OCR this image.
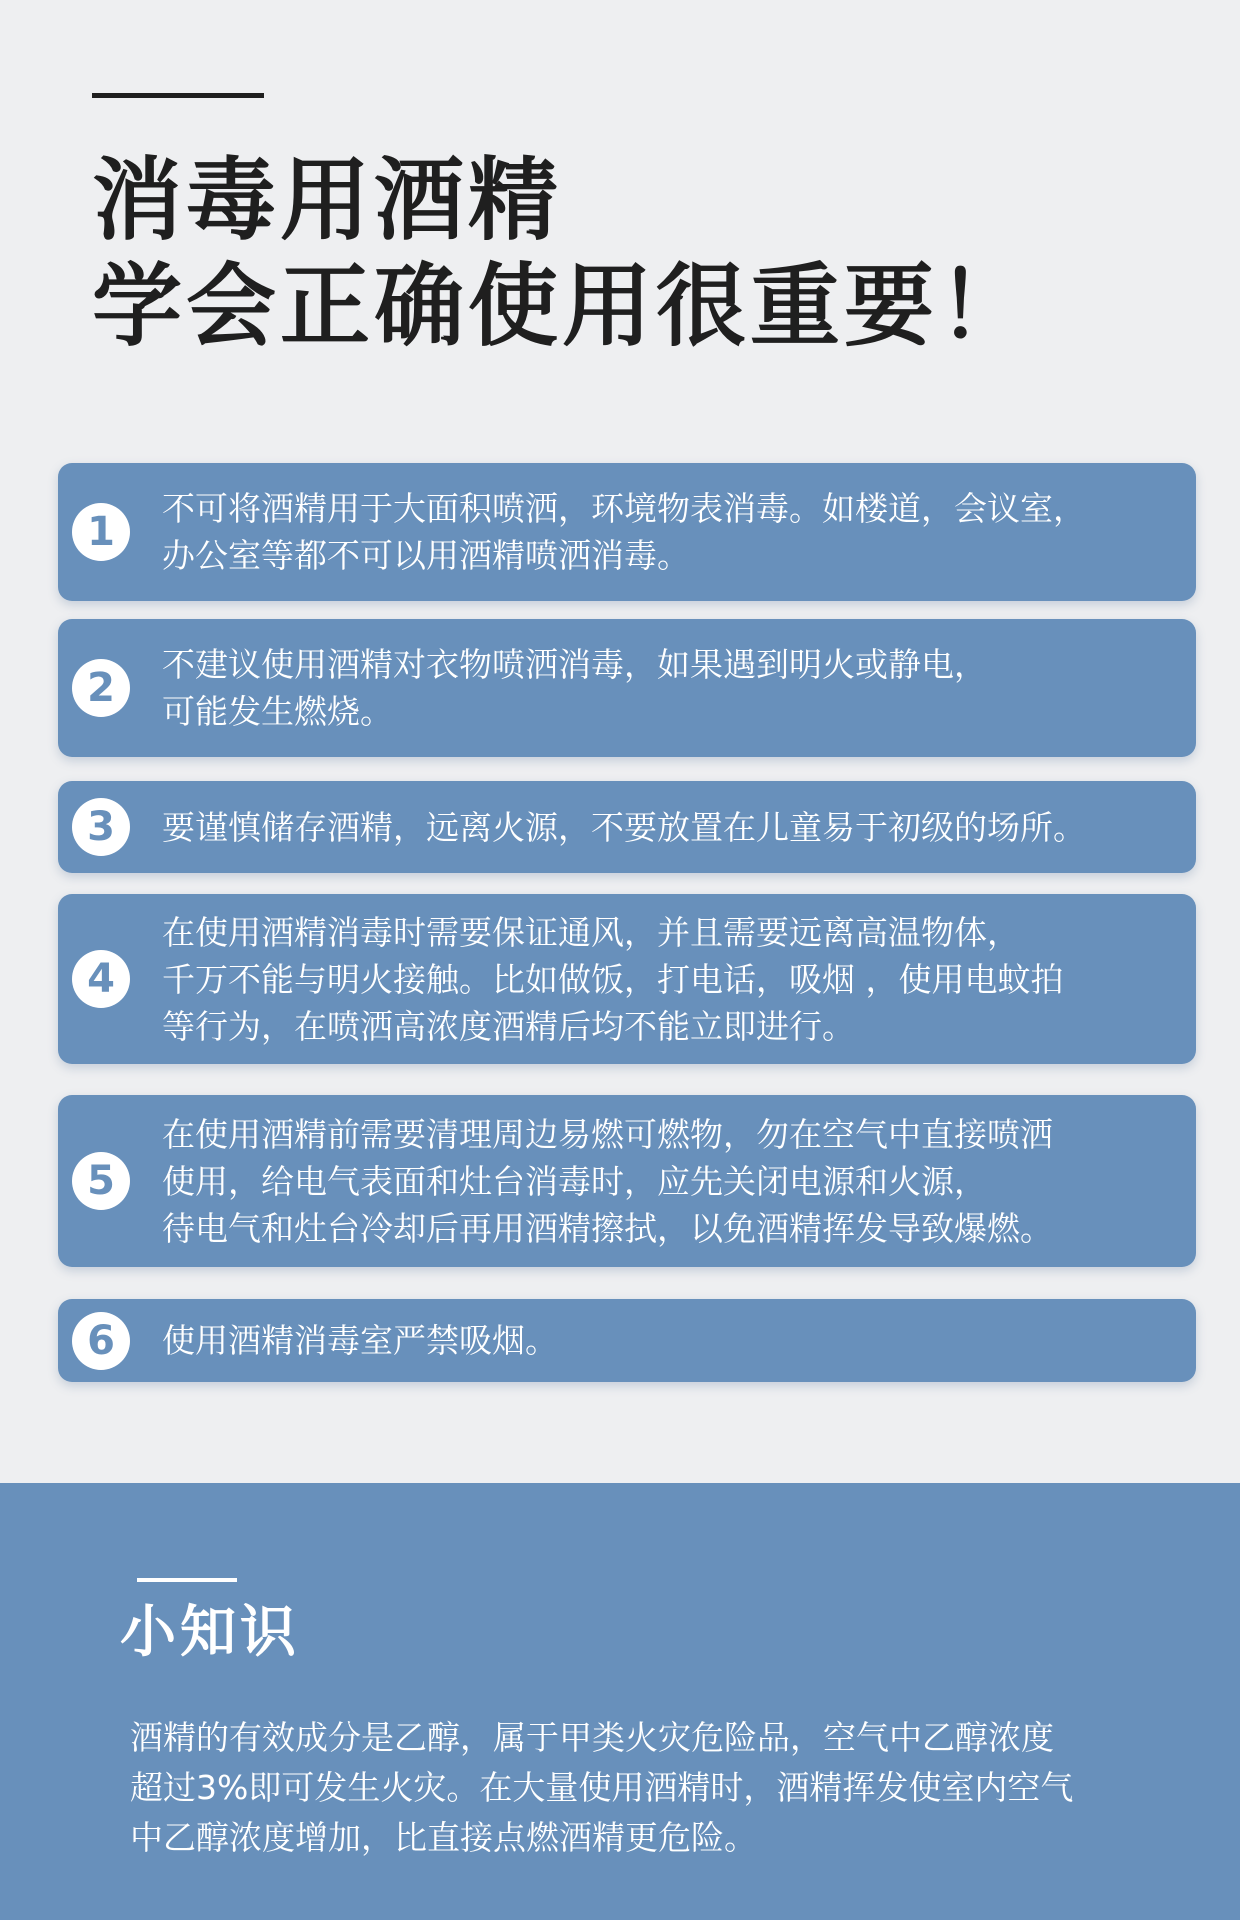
消毒用酒精
学会正确使用很重要！
1
不可将酒精用于大面积喷洒，环境物表消毒。如楼道，会议室，
办公室等都不可以用酒精喷洒消毒。
2
不建议使用酒精对衣物喷洒消毒，如果遇到明火或静电，
可能发生燃烧。
3	要谨慎储存酒精，远离火源，不要放置在儿童易于初级的场所。
4
在使用酒精消毒时需要保证通风，并且需要远离高温物体，
千万不能与明火接触。比如做饭，打电话，吸烟 ，使用电蚊拍
等行为，在喷洒高浓度酒精后均不能立即进行。
5
在使用酒精前需要清理周边易燃可燃物，勿在空气中直接喷洒
使用，给电气表面和灶台消毒时，应先关闭电源和火源，
待电气和灶台冷却后再用酒精擦拭，以免酒精挥发导致爆燃。
6	使用酒精消毒室严禁吸烟。
小知识

酒精的有效成分是乙醇，属于甲类火灾危险品，空气中乙醇浓度
超过3%即可发生火灾。在大量使用酒精时，酒精挥发使室内空气
中乙醇浓度增加，比直接点燃酒精更危险。
